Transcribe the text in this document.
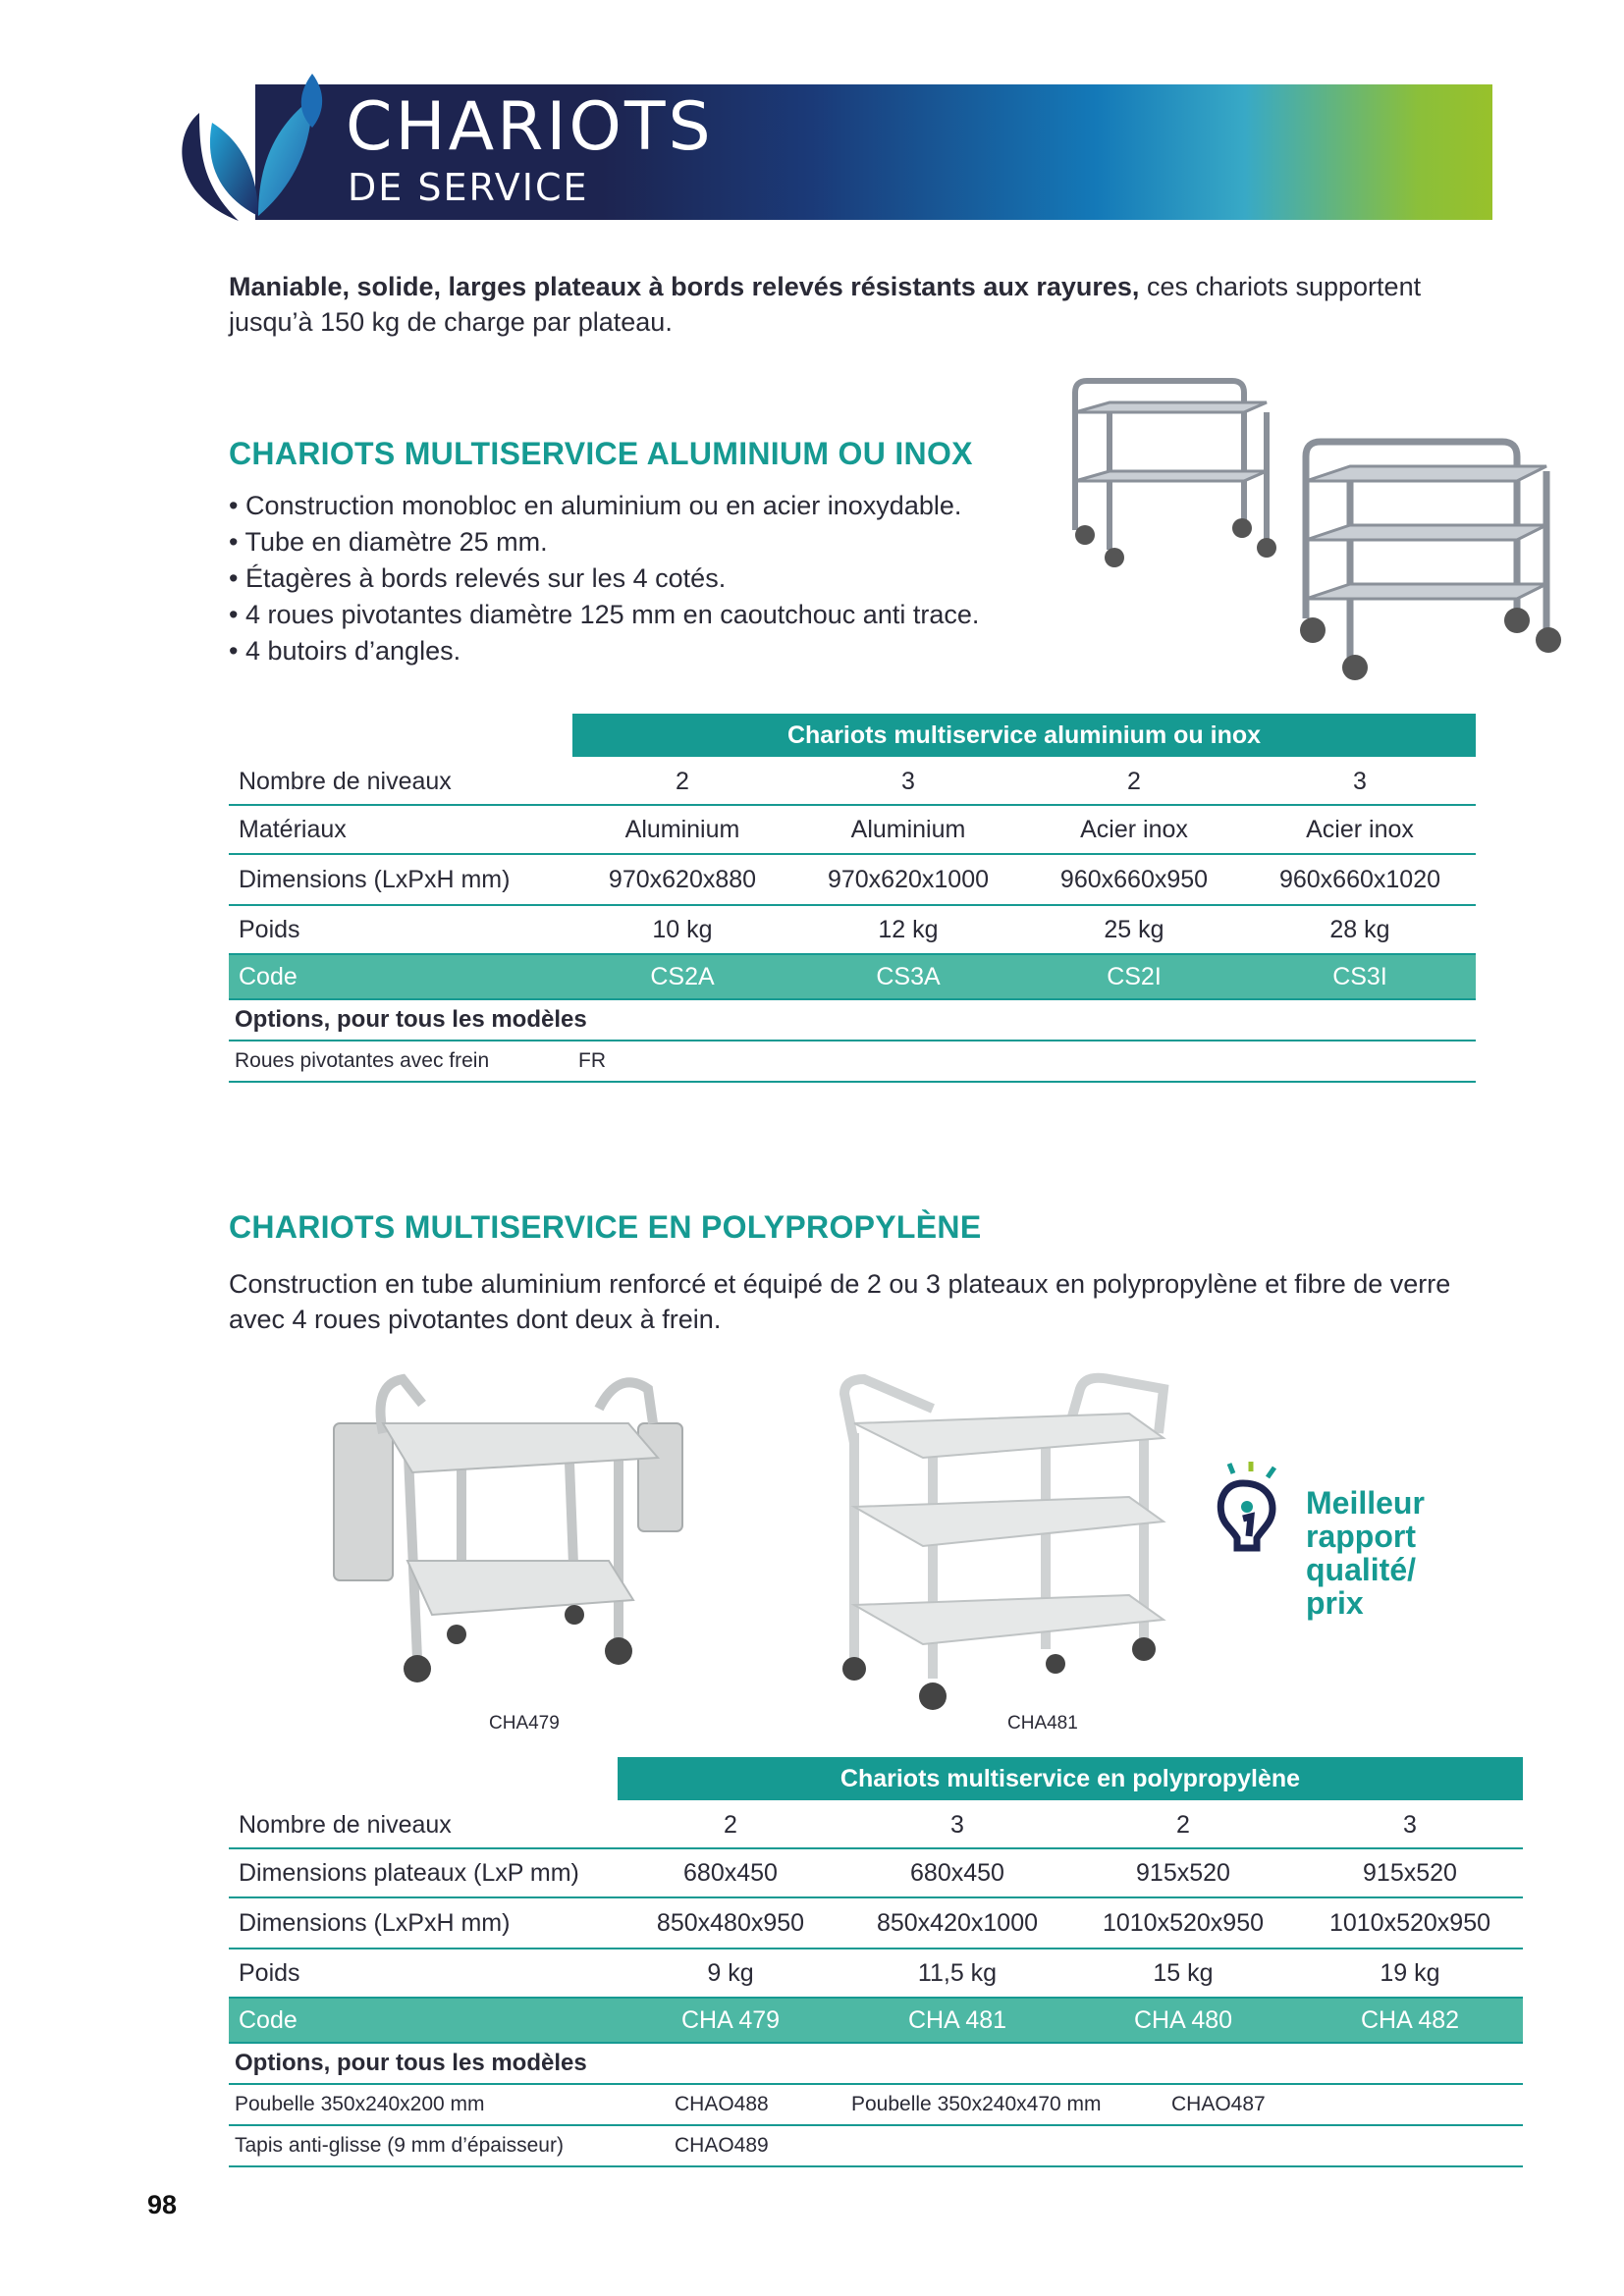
CHARIOTS
DE SERVICE
Maniable, solide, larges plateaux à bords relevés résistants aux rayures, ces chariots supportent jusqu’à 150 kg de charge par plateau.
CHARIOTS MULTISERVICE ALUMINIUM OU INOX
• Construction monobloc en aluminium ou en acier inoxydable.
• Tube en diamètre 25 mm.
• Étagères à bords relevés sur les 4 cotés.
• 4 roues pivotantes diamètre 125 mm en caoutchouc anti trace.
• 4 butoirs d’angles.
Chariots multiservice aluminium ou inox
Nombre de niveaux	2	3	2	3
Matériaux	Aluminium	Aluminium	Acier inox	Acier inox
Dimensions (LxPxH mm)	970x620x880	970x620x1000	960x660x950	960x660x1020
Poids	10 kg	12 kg	25 kg	28 kg
Code	CS2A	CS3A	CS2I	CS3I
Options, pour tous les modèles
Roues pivotantes avec frein	FR
CHARIOTS MULTISERVICE EN POLYPROPYLÈNE
Construction en tube aluminium renforcé et équipé de 2 ou 3 plateaux en polypropylène et fibre de verre avec 4 roues pivotantes dont deux à frein.
CHA479	CHA481
Meilleur
rapport
qualité/
prix
Chariots multiservice en polypropylène
Nombre de niveaux	2	3	2	3
Dimensions plateaux (LxP mm)	680x450	680x450	915x520	915x520
Dimensions (LxPxH mm)	850x480x950	850x420x1000	1010x520x950	1010x520x950
Poids	9 kg	11,5 kg	15 kg	19 kg
Code	CHA 479	CHA 481	CHA 480	CHA 482
Options, pour tous les modèles
Poubelle 350x240x200 mm	CHAO488	Poubelle 350x240x470 mm	CHAO487
Tapis anti-glisse (9 mm d’épaisseur)	CHAO489
98
